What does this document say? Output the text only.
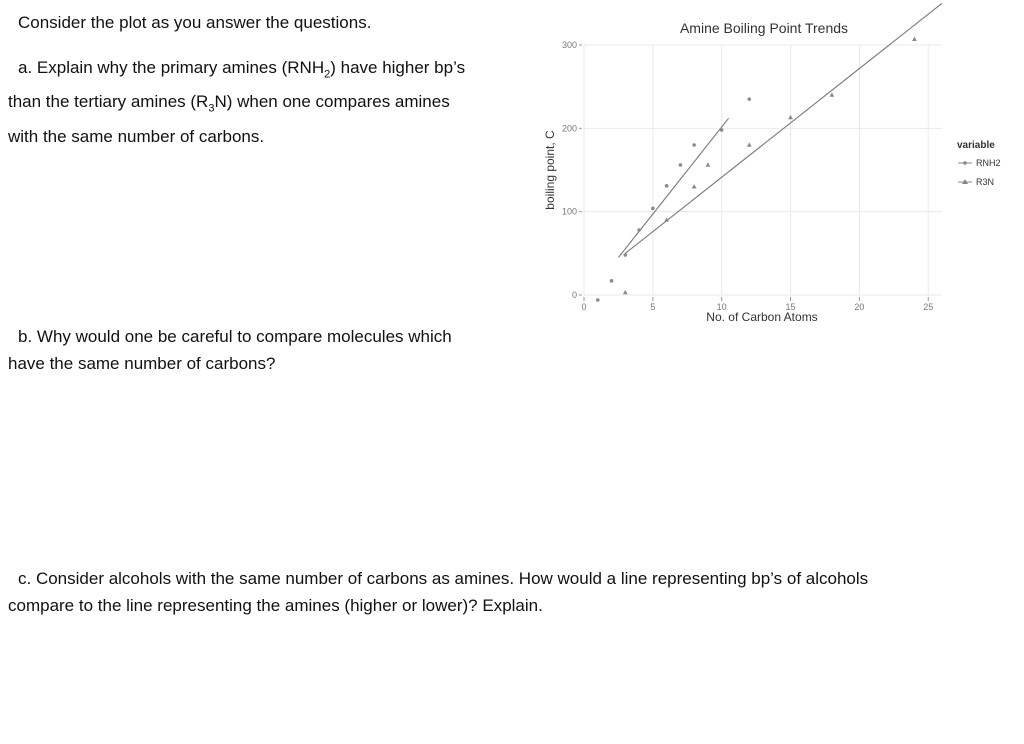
Consider the plot as you answer the questions.

a. Explain why the primary amines $(RNH_2)$ have higher bp’s
than the tertiary amines $(R_3N)$ when one compares amines
with the same number of carbons.
b. Why would one be careful to compare molecules which
have the same number of carbons?
c. Consider alcohols with the same number of carbons as amines. How would a line representing bp’s of alcohols
compare to the line representing the amines (higher or lower)? Explain.
0	5	10	15	20	25
0
100
200
300
Amine Boiling Point Trends
No. of Carbon Atoms
boiling point, C	variable
RNH2
R3N
